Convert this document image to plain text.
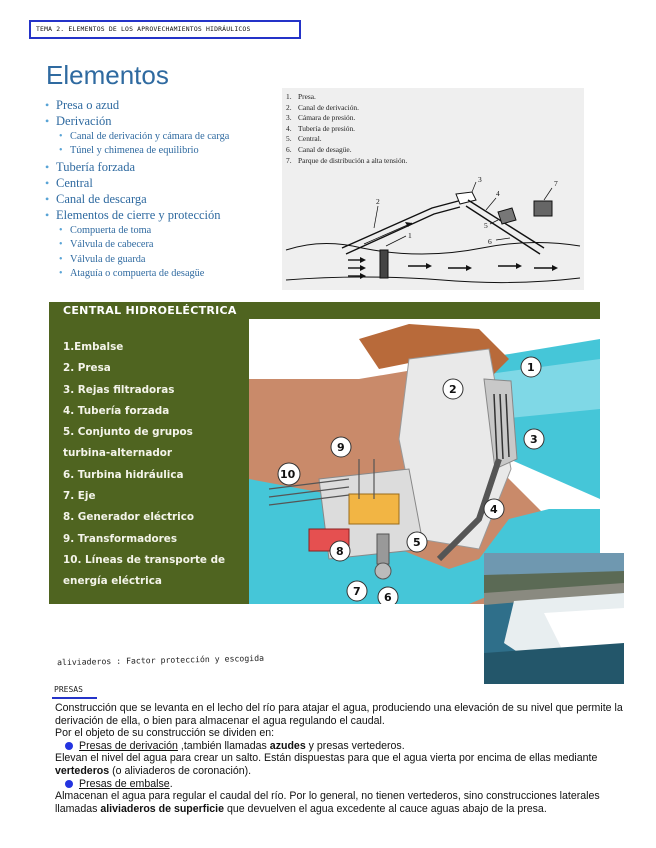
TEMA 2. ELEMENTOS DE LOS APROVECHAMIENTOS HIDRÁULICOS
Elementos
• Presa o azud
• Derivación
• Canal de derivación y cámara de carga
• Túnel y chimenea de equilibrio
• Tubería forzada
• Central
• Canal de descarga
• Elementos de cierre y protección
• Compuerta de toma
• Válvula de cabecera
• Válvula de guarda
• Ataguía o compuerta de desagüe
1
2
3
4
5
6
7
1. Presa.
2. Canal de derivación.
3. Cámara de presión.
4. Tubería de presión.
5. Central.
6. Canal de desagüe.
7. Parque de distribución a alta tensión.
CENTRAL HIDROELÉCTRICA
1.Embalse
2. Presa
3. Rejas filtradoras
4. Tubería forzada
5. Conjunto de grupos
turbina-alternador
6. Turbina hidráulica
7. Eje
8. Generador eléctrico
9. Transformadores
10. Líneas de transporte de
energía eléctrica
1
2
3
4
5
6
7
8
9
10
aliviaderos : Factor protección y escogida
PRESAS

Construcción que se levanta en el lecho del río para atajar el agua, produciendo una elevación de su nivel que permite la derivación de ella, o bien para almacenar el agua regulando el caudal.

Por el objeto de su construcción se dividen en:

Presas de derivación ,también llamadas azudes y presas vertederos.

Elevan el nivel del agua para crear un salto. Están dispuestas para que el agua vierta por encima de ellas mediante vertederos (o aliviaderos de coronación).

Presas de embalse.

Almacenan el agua para regular el caudal del río. Por lo general, no tienen vertederos, sino construcciones laterales llamadas aliviaderos de superficie que devuelven el agua excedente al cauce aguas abajo de la presa.
